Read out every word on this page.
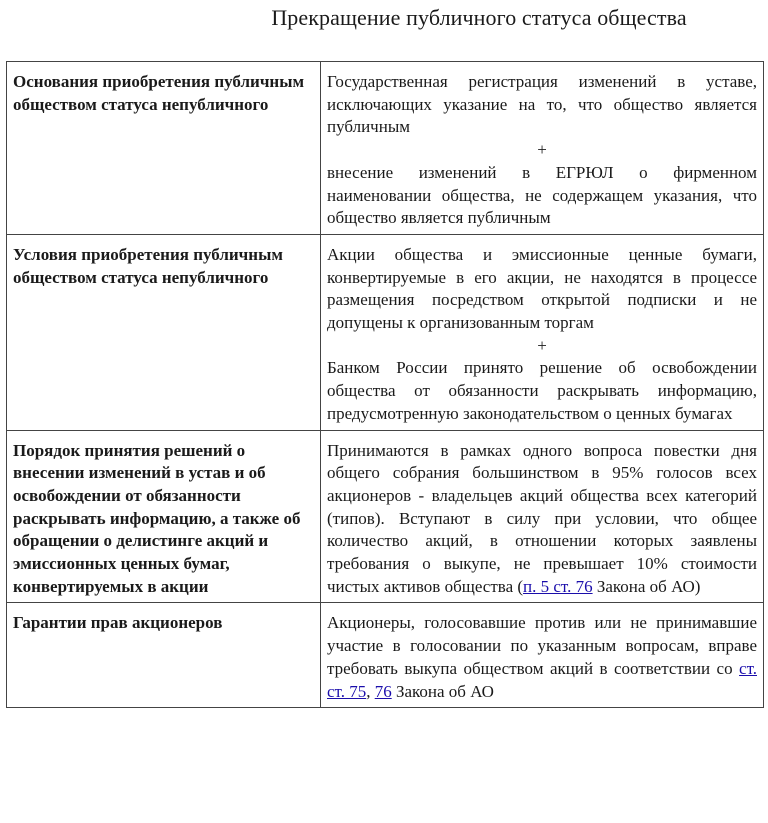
Прекращение публичного статуса общества
Основания приобретения публичным обществом статуса непубличного	Государственная регистрация изменений в уставе, исключающих указание на то, что общество является публичным
+
внесение изменений в ЕГРЮЛ о фирменном наименовании общества, не содержащем указания, что общество является публичным

Условия приобретения публичным обществом статуса непубличного	Акции общества и эмиссионные ценные бумаги, конвертируемые в его акции, не находятся в процессе размещения посредством открытой подписки и не допущены к организованным торгам
+
Банком России принято решение об освобождении общества от обязанности раскрывать информацию, предусмотренную законодательством о ценных бумагах

Порядок принятия решений о внесении изменений в устав и об освобождении от обязанности раскрывать информацию, а также об обращении о делистинге акций и эмиссионных ценных бумаг, конвертируемых в акции	Принимаются в рамках одного вопроса повестки дня общего собрания большинством в 95% голосов всех акционеров - владельцев акций общества всех категорий (типов). Вступают в силу при условии, что общее количество акций, в отношении которых заявлены требования о выкупе, не превышает 10% стоимости чистых активов общества (п. 5 ст. 76 Закона об АО)
Гарантии прав акционеров	Акционеры, голосовавшие против или не принимавшие участие в голосовании по указанным вопросам, вправе требовать выкупа обществом акций в соответствии со ст. ст. 75, 76 Закона об АО
